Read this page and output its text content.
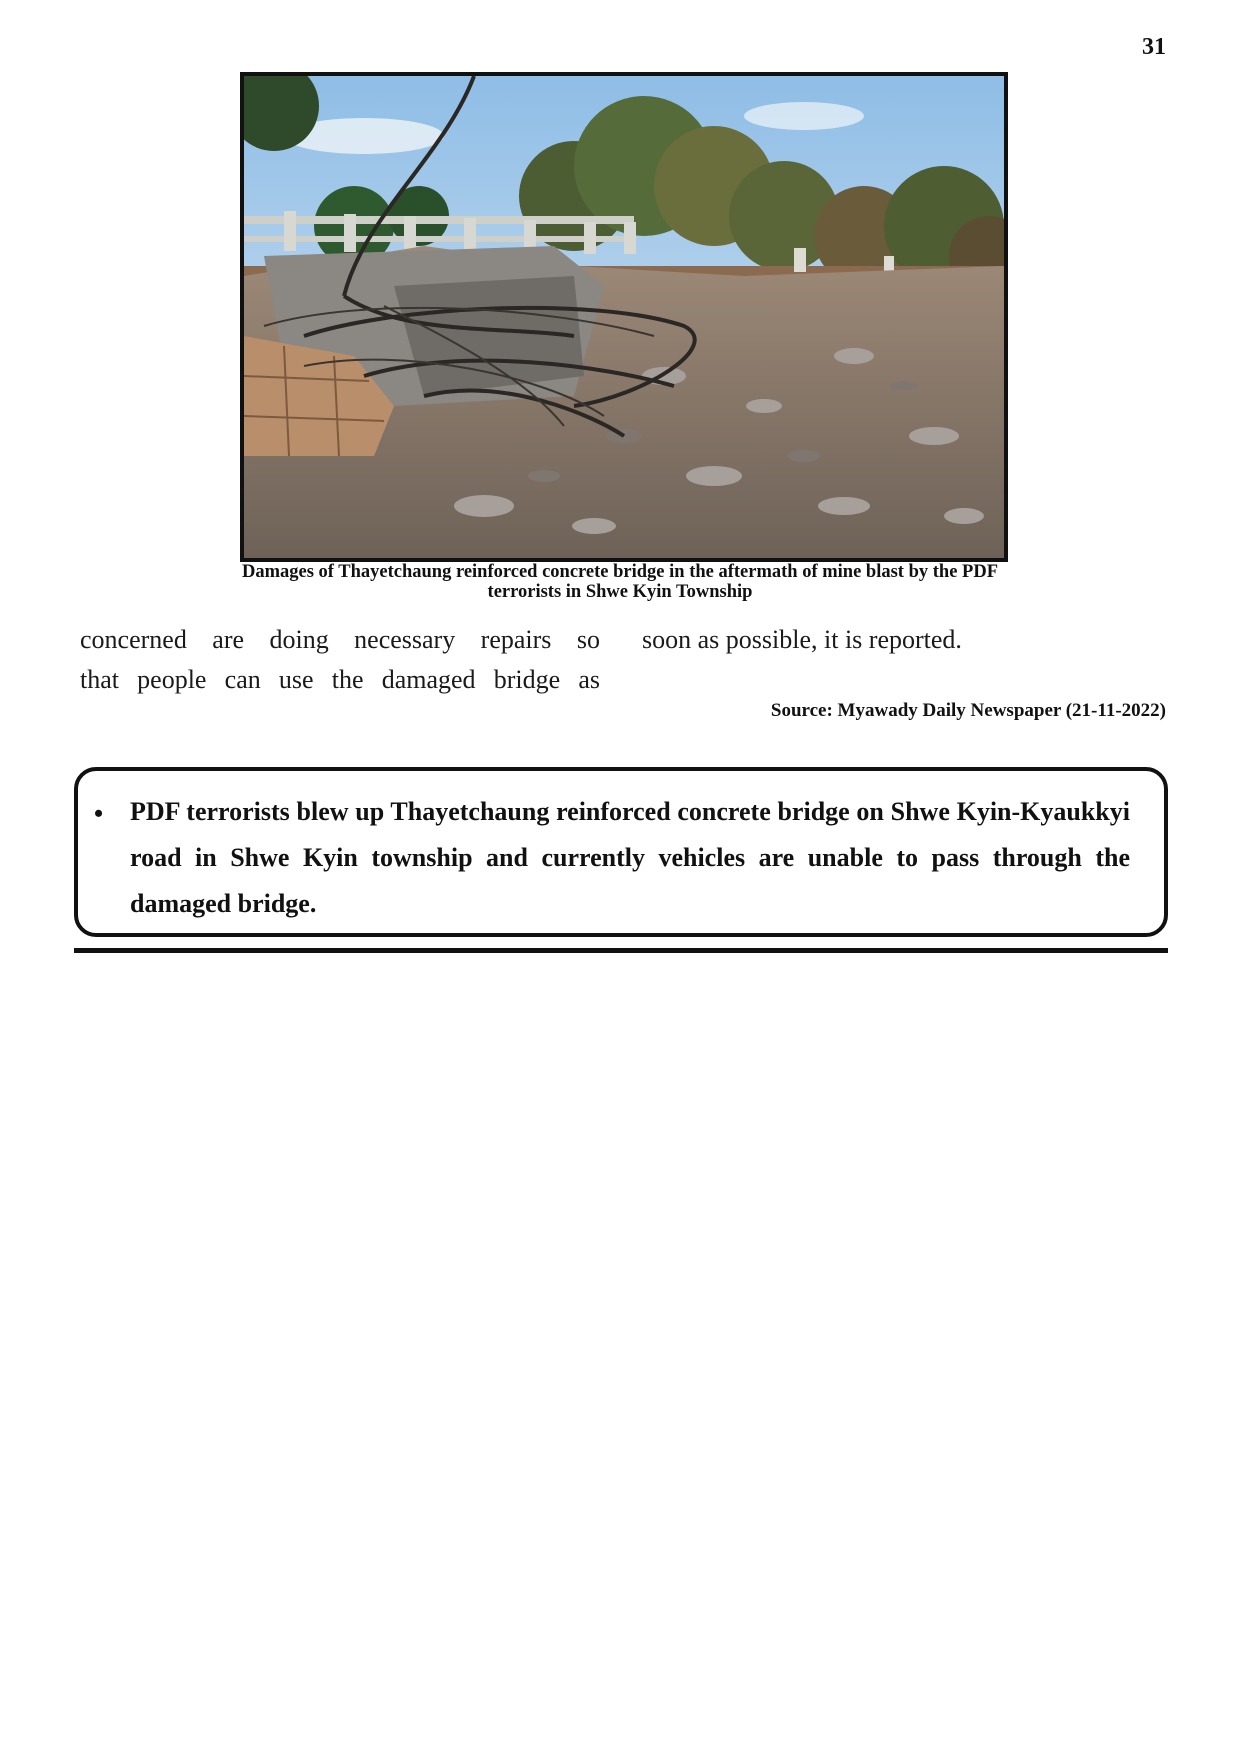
31
Damages of Thayetchaung reinforced concrete bridge in the aftermath of mine blast by the PDF
terrorists in Shwe Kyin Township
concerned are doing necessary repairs so
that people can use the damaged bridge as
soon as possible, it is reported.
Source: Myawady Daily Newspaper (21-11-2022)
• PDF terrorists blew up Thayetchaung reinforced concrete bridge on Shwe Kyin-Kyaukkyi road in Shwe Kyin township and currently vehicles are unable to pass through the damaged bridge.
